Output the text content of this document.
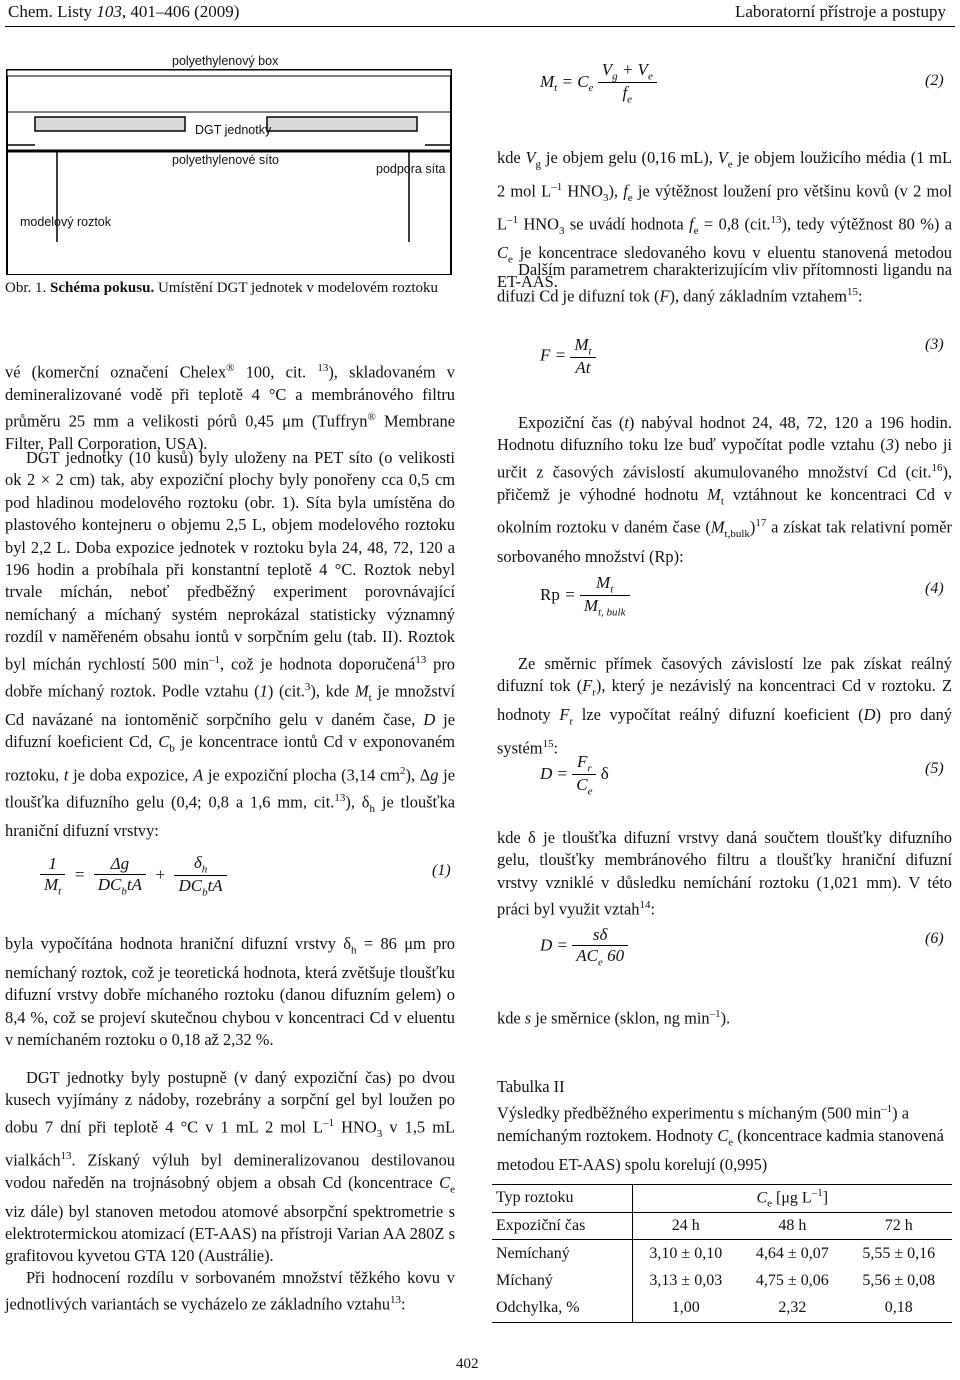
Chem. Listy 103, 401–406 (2009)	Laboratorní přístroje a postupy
polyethylenový box
DGT jednotky
polyethylenové síto
podpora síta
modelový roztok
Obr. 1. Schéma pokusu. Umístění DGT jednotek v modelovém roztoku
vé (komerční označení Chelex® 100, cit. $^{13}$), skladovaném v demineralizované vodě při teplotě 4 °C a membránového filtru průměru 25 mm a velikosti pórů 0,45 μm (Tuffryn® Membrane Filter, Pall Corporation, USA).
DGT jednotky (10 kusů) byly uloženy na PET síto (o velikosti ok 2 × 2 cm) tak, aby expoziční plochy byly ponořeny cca 0,5 cm pod hladinou modelového roztoku (obr. 1). Síta byla umístěna do plastového kontejneru o objemu 2,5 L, objem modelového roztoku byl 2,2 L. Doba expozice jednotek v roztoku byla 24, 48, 72, 120 a 196 hodin a probíhala při konstantní teplotě 4 °C. Roztok nebyl trvale míchán, neboť předběžný experiment porovnávající nemíchaný a míchaný systém neprokázal statisticky významný rozdíl v naměřeném obsahu iontů v sorpčním gelu (tab. II). Roztok byl míchán rychlostí 500 $\min^{-1}$, což je hodnota doporučená$^{13}$ pro dobře míchaný roztok. Podle vztahu (1) (cit.$^3$), kde $M_t$ je množství Cd navázané na iontoměnič sorpčního gelu v daném čase, D je difuzní koeficient Cd, $C_b$ je koncentrace iontů Cd v exponovaném roztoku, t je doba expozice, A je expoziční plocha (3,14 $cm^2$), Δg je tloušťka difuzního gelu (0,4; 0,8 a 1,6 mm, cit.$^{13}$), $\delta_h$ je tloušťka hraniční difuzní vrstvy:
$\frac{1}{M_t} = \frac{\Delta g}{DC_btA} + \frac{\delta_h}{DC_btA}$	(1)
byla vypočítána hodnota hraniční difuzní vrstvy $\delta_h = 86$ μm pro nemíchaný roztok, což je teoretická hodnota, která zvětšuje tloušťku difuzní vrstvy dobře míchaného roztoku (danou difuzním gelem) o 8,4 %, což se projeví skutečnou chybou v koncentraci Cd v eluentu v nemíchaném roztoku o 0,18 až 2,32 %.
DGT jednotky byly postupně (v daný expoziční čas) po dvou kusech vyjímány z nádoby, rozebrány a sorpční gel byl loužen po dobu 7 dní při teplotě 4 °C v 1 mL 2 mol $L^{-1}$ $HNO_3$ v 1,5 mL vialkách$^{13}$. Získaný výluh byl demineralizovanou destilovanou vodou naředěn na trojnásobný objem a obsah Cd (koncentrace $C_e$ viz dále) byl stanoven metodou atomové absorpční spektrometrie s elektrotermickou atomizací (ET-AAS) na přístroji Varian AA 280Z s grafitovou kyvetou GTA 120 (Austrálie).
Při hodnocení rozdílu v sorbovaném množství těžkého kovu v jednotlivých variantách se vycházelo ze základního vztahu$^{13}$:
$M_t = C_e \frac{V_g + V_e}{f_e}$	(2)
kde $V_g$ je objem gelu (0,16 mL), $V_e$ je objem loužicího média (1 mL 2 mol $L^{-1}$ $HNO_3$), $f_e$ je výtěžnost loužení pro většinu kovů (v 2 mol $L^{-1}$ $HNO_3$ se uvádí hodnota $f_e = 0,8$ (cit.$^{13}$), tedy výtěžnost 80 %) a $C_e$ je koncentrace sledovaného kovu v eluentu stanovená metodou ET-AAS.
Dalším parametrem charakterizujícím vliv přítomnosti ligandu na difuzi Cd je difuzní tok (F), daný základním vztahem$^{15}$:
$F = \frac{M_t}{At}$	(3)
Expoziční čas (t) nabýval hodnot 24, 48, 72, 120 a 196 hodin. Hodnotu difuzního toku lze buď vypočítat podle vztahu (3) nebo ji určit z časových závislostí akumulovaného množství Cd (cit.$^{16}$), přičemž je výhodné hodnotu $M_t$ vztáhnout ke koncentraci Cd v okolním roztoku v daném čase $(M_{t,bulk})^{17}$ a získat tak relativní poměr sorbovaného množství (Rp):
$Rp = \frac{M_t}{M_{t, bulk}}$	(4)
Ze směrnic přímek časových závislostí lze pak získat reálný difuzní tok $(F_r)$, který je nezávislý na koncentraci Cd v roztoku. Z hodnoty $F_r$ lze vypočítat reálný difuzní koeficient (D) pro daný systém$^{15}$:
$D = \frac{F_r}{C_e}$ δ	(5)
kde δ je tloušťka difuzní vrstvy daná součtem tloušťky difuzního gelu, tloušťky membránového filtru a tloušťky hraniční difuzní vrstvy vzniklé v důsledku nemíchání roztoku (1,021 mm). V této práci byl využit vztah$^{14}$:
$D = \frac{s\delta}{AC_e 60}$	(6)
kde s je směrnice (sklon, ng $\min^{-1}$).
Tabulka II
Výsledky předběžného experimentu s míchaným (500 $\min^{-1}$) a nemíchaným roztokem. Hodnoty $C_e$ (koncentrace kadmia stanovená metodou ET-AAS) spolu korelují (0,995)
Typ roztoku	$C_e$ [μg $L^{-1}$]		
Expoziční čas	24 h	48 h	72 h
Nemíchaný	3,10 ± 0,10	4,64 ± 0,07	5,55 ± 0,16
Míchaný	3,13 ± 0,03	4,75 ± 0,06	5,56 ± 0,08
Odchylka, %	1,00	2,32	0,18
402
